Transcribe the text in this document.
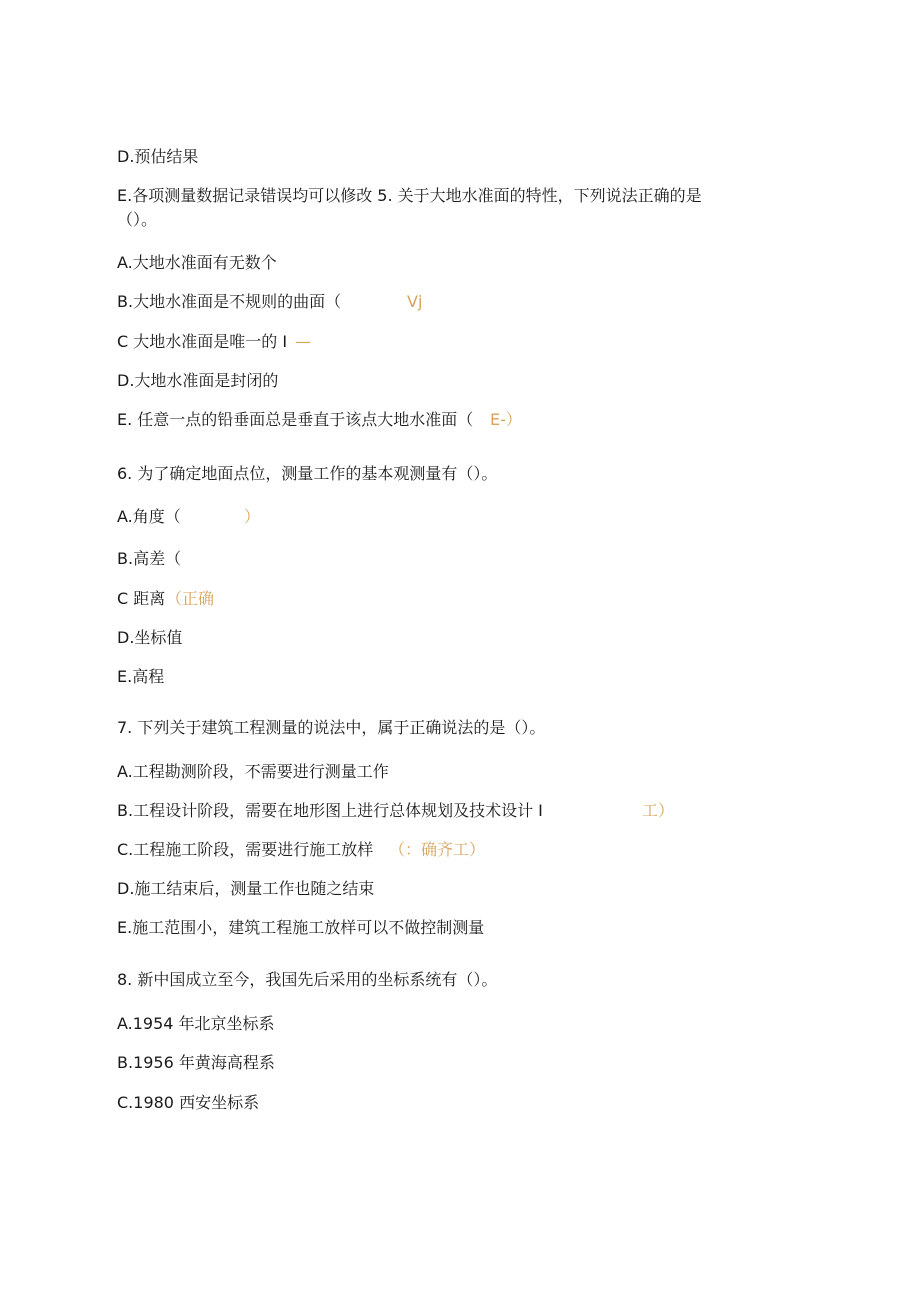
D.预估结果
E.各项测量数据记录错误均可以修改 5. 关于大地水准面的特性，下列说法正确的是
（）。
A.大地水准面有无数个
B.大地水准面是不规则的曲面（	Vj
C 大地水准面是唯一的 I —
D.大地水准面是封闭的
E. 任意一点的铅垂面总是垂直于该点大地水准面（ E-）
6. 为了确定地面点位，测量工作的基本观测量有（）。
A.角度（	）
B.高差（
C 距离 （正确
D.坐标值
E.高程
7. 下列关于建筑工程测量的说法中，属于正确说法的是（）。
A.工程勘测阶段，不需要进行测量工作
B.工程设计阶段，需要在地形图上进行总体规划及技术设计 I	工）
C.工程施工阶段，需要进行施工放样 （：确齐工）
D.施工结束后，测量工作也随之结束
E.施工范围小，建筑工程施工放样可以不做控制测量
8. 新中国成立至今，我国先后采用的坐标系统有（）。
A.1954 年北京坐标系
B.1956 年黄海高程系
C.1980 西安坐标系
